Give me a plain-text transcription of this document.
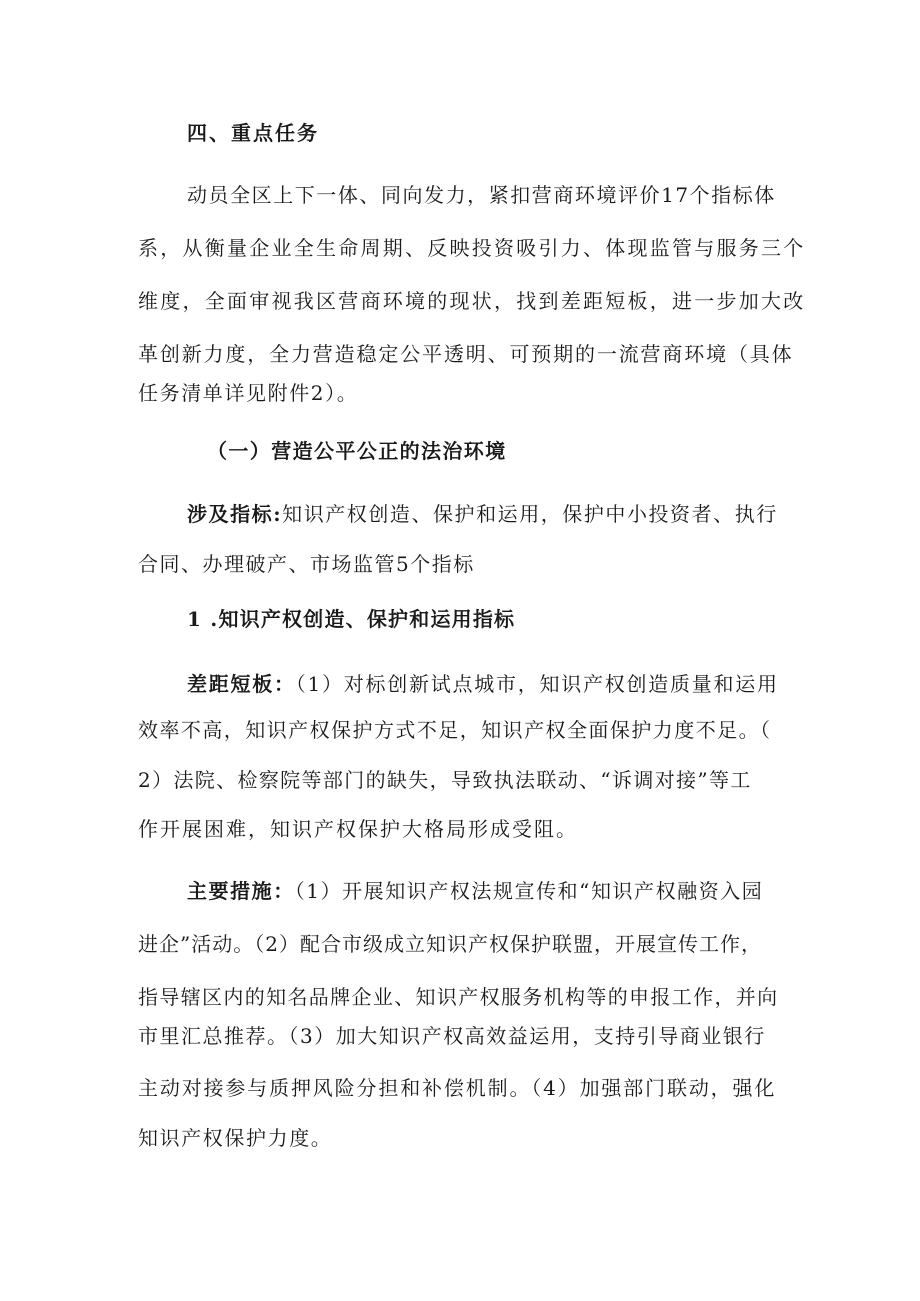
四、重点任务
动员全区上下一体、同向发力，紧扣营商环境评价17个指标体
系，从衡量企业全生命周期、反映投资吸引力、体现监管与服务三个
维度，全面审视我区营商环境的现状，找到差距短板，进一步加大改
革创新力度，全力营造稳定公平透明、可预期的一流营商环境（具体
任务清单详见附件2）。
（一）营造公平公正的法治环境
涉及指标:知识产权创造、保护和运用，保护中小投资者、执行
合同、办理破产、市场监管5个指标
1 .知识产权创造、保护和运用指标
差距短板：（1）对标创新试点城市，知识产权创造质量和运用
效率不高，知识产权保护方式不足，知识产权全面保护力度不足。（
2）法院、检察院等部门的缺失，导致执法联动、“诉调对接”等工
作开展困难，知识产权保护大格局形成受阻。
主要措施：（1）开展知识产权法规宣传和“知识产权融资入园
进企”活动。（2）配合市级成立知识产权保护联盟，开展宣传工作，
指导辖区内的知名品牌企业、知识产权服务机构等的申报工作，并向
市里汇总推荐。（3）加大知识产权高效益运用，支持引导商业银行
主动对接参与质押风险分担和补偿机制。（4）加强部门联动，强化
知识产权保护力度。
